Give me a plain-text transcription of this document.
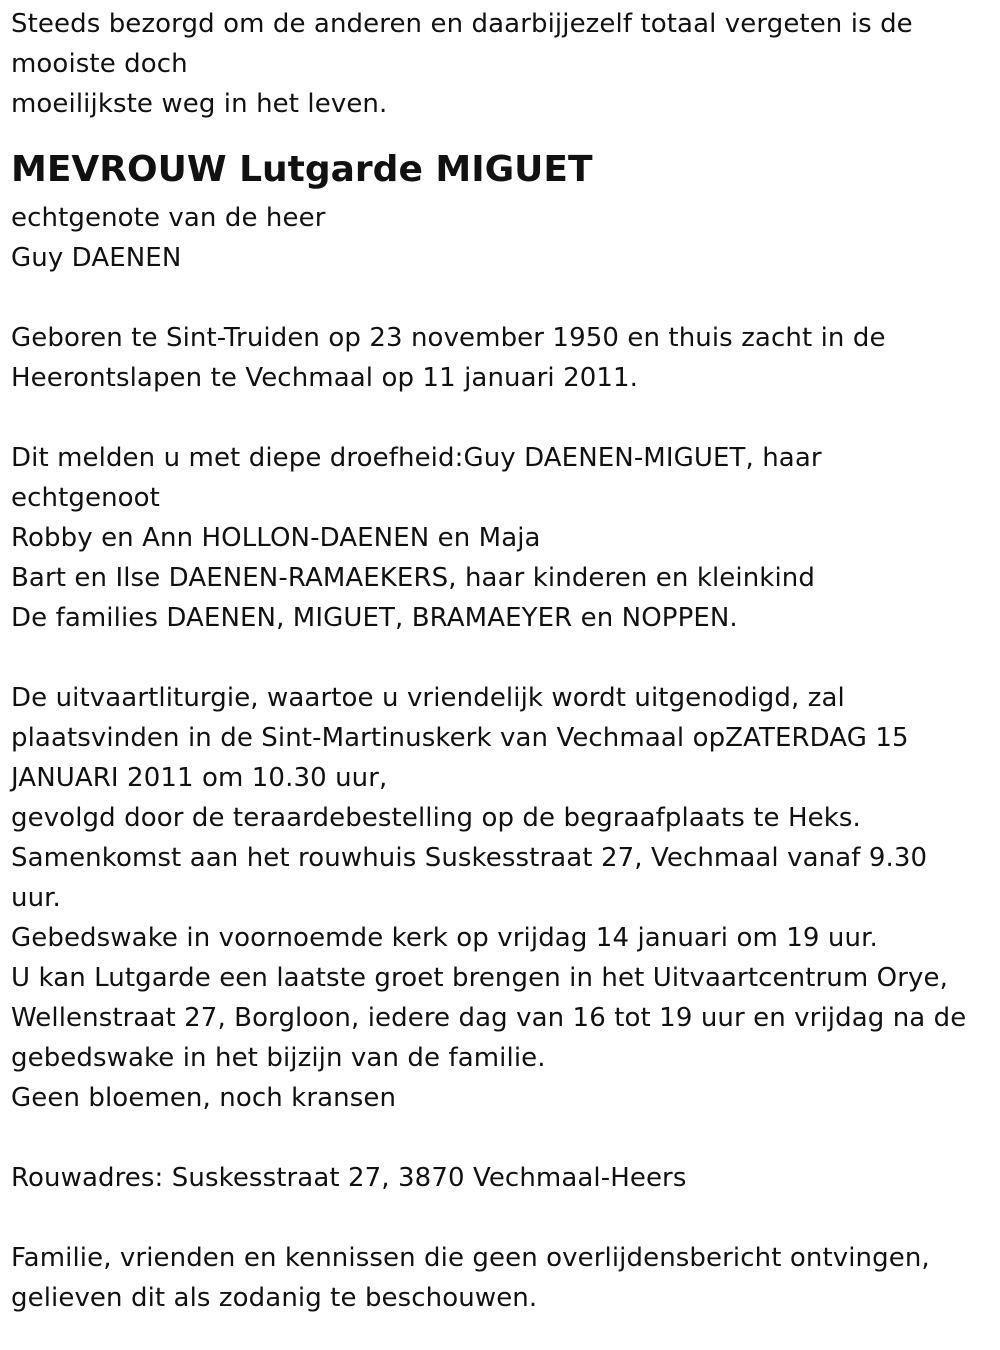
Steeds bezorgd om de anderen en daarbijjezelf totaal vergeten is de
mooiste doch
moeilijkste weg in het leven.
MEVROUW Lutgarde MIGUET
echtgenote van de heer
Guy DAENEN
Geboren te Sint-Truiden op 23 november 1950 en thuis zacht in de
Heerontslapen te Vechmaal op 11 januari 2011.
Dit melden u met diepe droefheid:Guy DAENEN-MIGUET, haar
echtgenoot
Robby en Ann HOLLON-DAENEN en Maja
Bart en Ilse DAENEN-RAMAEKERS, haar kinderen en kleinkind
De families DAENEN, MIGUET, BRAMAEYER en NOPPEN.
De uitvaartliturgie, waartoe u vriendelijk wordt uitgenodigd, zal
plaatsvinden in de Sint-Martinuskerk van Vechmaal opZATERDAG 15
JANUARI 2011 om 10.30 uur,
gevolgd door de teraardebestelling op de begraafplaats te Heks.
Samenkomst aan het rouwhuis Suskesstraat 27, Vechmaal vanaf 9.30
uur.
Gebedswake in voornoemde kerk op vrijdag 14 januari om 19 uur.
U kan Lutgarde een laatste groet brengen in het Uitvaartcentrum Orye,
Wellenstraat 27, Borgloon, iedere dag van 16 tot 19 uur en vrijdag na de
gebedswake in het bijzijn van de familie.
Geen bloemen, noch kransen
Rouwadres: Suskesstraat 27, 3870 Vechmaal-Heers
Familie, vrienden en kennissen die geen overlijdensbericht ontvingen,
gelieven dit als zodanig te beschouwen.
